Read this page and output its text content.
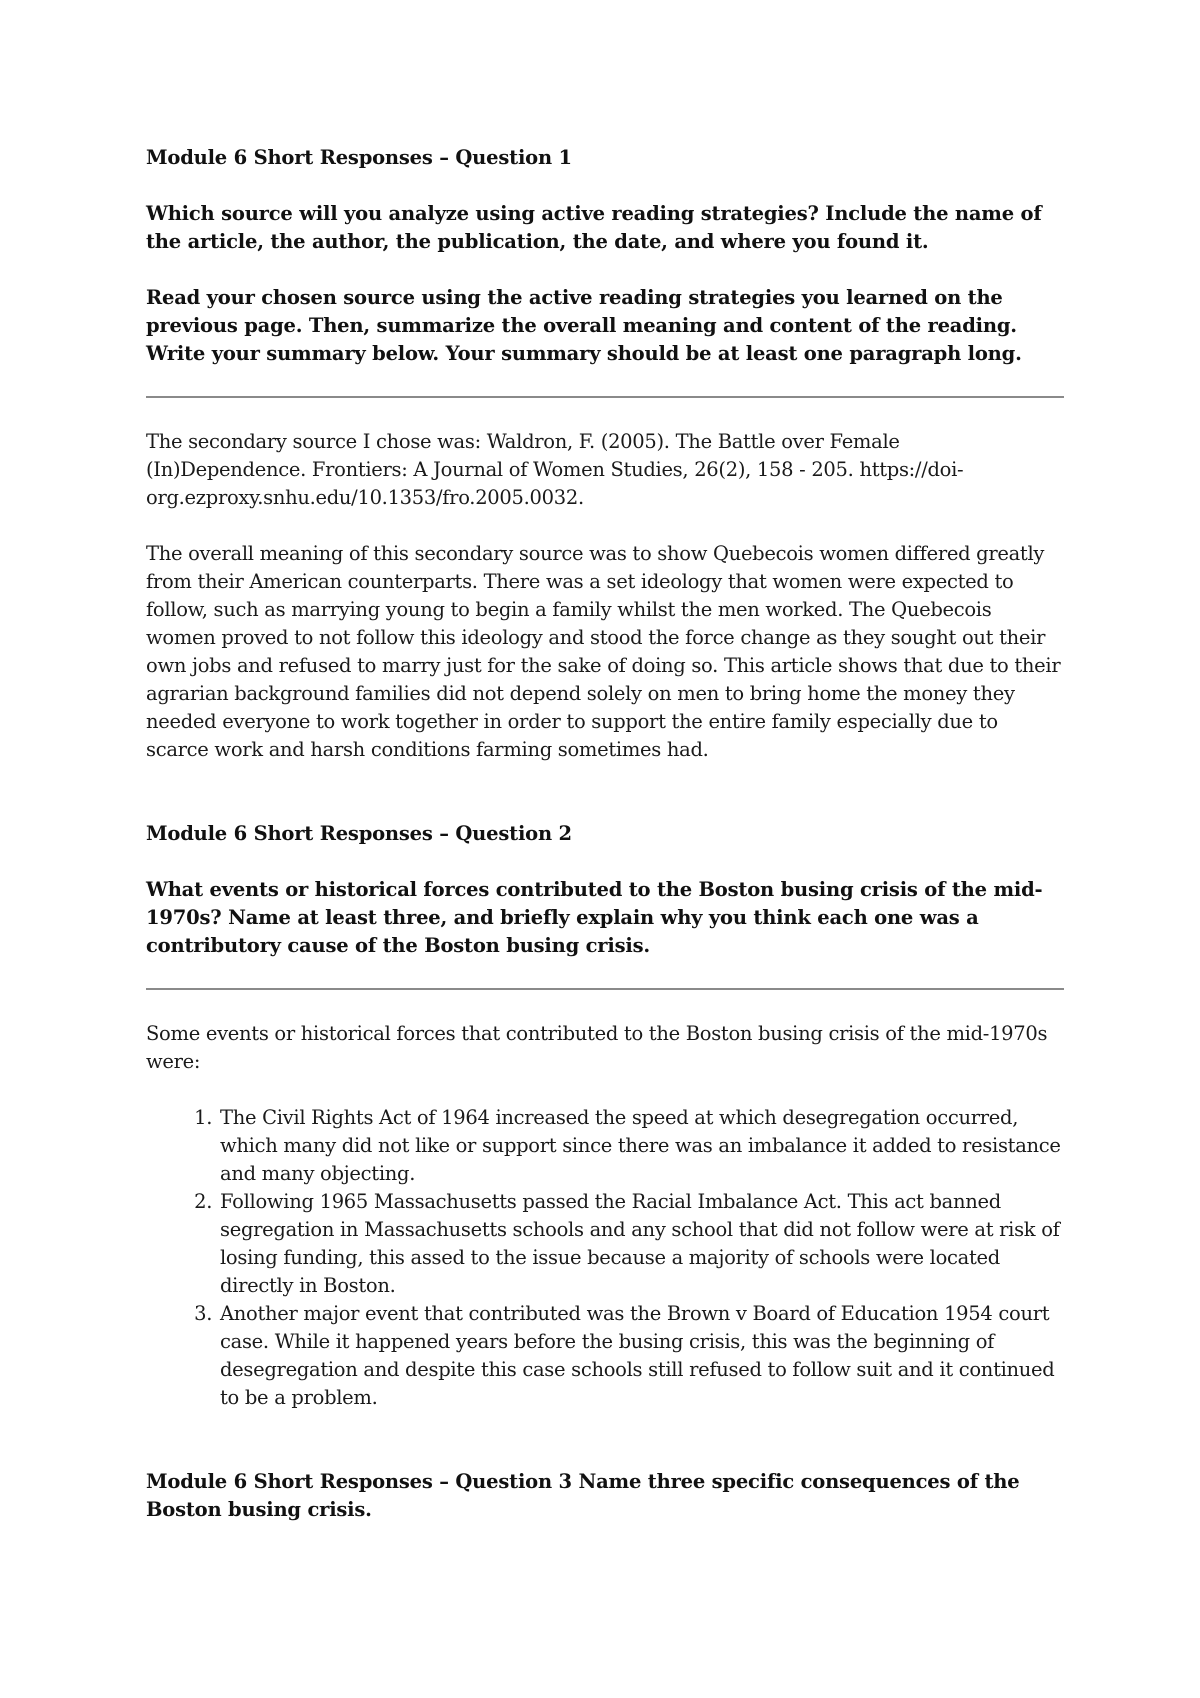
Module 6 Short Responses – Question 1

Which source will you analyze using active reading strategies? Include the name of the article, the author, the publication, the date, and where you found it.

Read your chosen source using the active reading strategies you learned on the previous page. Then, summarize the overall meaning and content of the reading. Write your summary below. Your summary should be at least one paragraph long.

The secondary source I chose was: Waldron, F. (2005). The Battle over Female (In)Dependence. Frontiers: A Journal of Women Studies, 26(2), 158 - 205. https://doi-org.ezproxy.snhu.edu/10.1353/fro.2005.0032.

The overall meaning of this secondary source was to show Quebecois women differed greatly from their American counterparts. There was a set ideology that women were expected to follow, such as marrying young to begin a family whilst the men worked. The Quebecois women proved to not follow this ideology and stood the force change as they sought out their own jobs and refused to marry just for the sake of doing so. This article shows that due to their agrarian background families did not depend solely on men to bring home the money they needed everyone to work together in order to support the entire family especially due to scarce work and harsh conditions farming sometimes had.

Module 6 Short Responses – Question 2

What events or historical forces contributed to the Boston busing crisis of the mid-1970s? Name at least three, and briefly explain why you think each one was a contributory cause of the Boston busing crisis.

Some events or historical forces that contributed to the Boston busing crisis of the mid-1970s were:

1. The Civil Rights Act of 1964 increased the speed at which desegregation occurred, which many did not like or support since there was an imbalance it added to resistance and many objecting.
2. Following 1965 Massachusetts passed the Racial Imbalance Act. This act banned segregation in Massachusetts schools and any school that did not follow were at risk of losing funding, this assed to the issue because a majority of schools were located directly in Boston.
3. Another major event that contributed was the Brown v Board of Education 1954 court case. While it happened years before the busing crisis, this was the beginning of desegregation and despite this case schools still refused to follow suit and it continued to be a problem.

Module 6 Short Responses – Question 3 Name three specific consequences of the Boston busing crisis.
